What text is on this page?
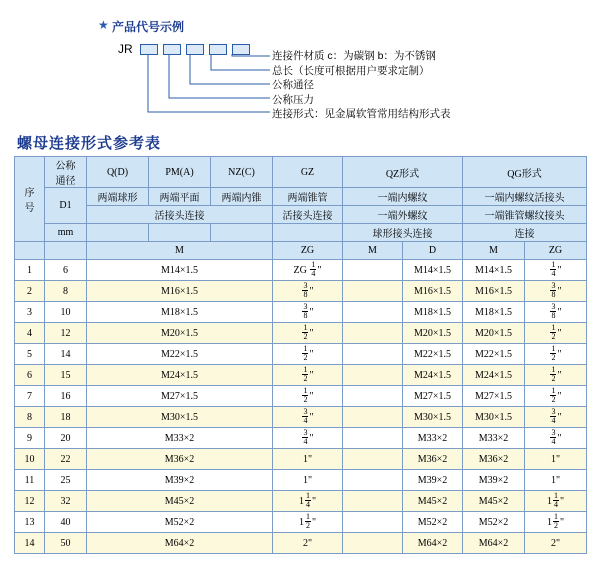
★ 产品代号示例
JR	连接件材质 c：为碳钢 b：为不锈钢
总长（长度可根据用户要求定制）
公称通径
公称压力
连接形式：见金属软管常用结构形式表
螺母连接形式参考表
序
号

公称
通径
	Q(D)	PM(A)	NZ(C)	GZ	QZ形式	QG形式
	D1	两端球形	两端平面	两端内锥	两端锥管	一端内螺纹		一端内螺纹活接头	
		活接头连接			活接头连接	一端外螺纹		一端锥管螺纹接头	
	mm					球形接头连接		连接	
		M			ZG	M	D	M	ZG
1	6	M14×1.5			ZG $\frac{1}{4}$ "		M14×1.5	M14×1.5	$\frac{1}{4}$ "
2	8	M16×1.5			$\frac{3}{8}$ "		M16×1.5	M16×1.5	$\frac{3}{8}$ "
3	10	M18×1.5			$\frac{3}{8}$ "		M18×1.5	M18×1.5	$\frac{3}{8}$ "
4	12	M20×1.5			$\frac{1}{2}$ "		M20×1.5	M20×1.5	$\frac{1}{2}$ "
5	14	M22×1.5			$\frac{1}{2}$ "		M22×1.5	M22×1.5	$\frac{1}{2}$ "
6	15	M24×1.5			$\frac{1}{2}$ "		M24×1.5	M24×1.5	$\frac{1}{2}$ "
7	16	M27×1.5			$\frac{1}{2}$ "		M27×1.5	M27×1.5	$\frac{1}{2}$ "
8	18	M30×1.5			$\frac{3}{4}$ "		M30×1.5	M30×1.5	$\frac{3}{4}$ "
9	20	M33×2			$\frac{3}{4}$ "		M33×2	M33×2	$\frac{3}{4}$ "
10	22	M36×2			1"		M36×2	M36×2	1"
11	25	M39×2			1"		M39×2	M39×2	1"
12	32	M45×2			$1 \frac{1}{4}$ "		M45×2	M45×2	$1 \frac{1}{4}$ "
13	40	M52×2			$1 \frac{1}{2}$ "		M52×2	M52×2	$1 \frac{1}{2}$ "
14	50	M64×2			2"		M64×2	M64×2	2"
